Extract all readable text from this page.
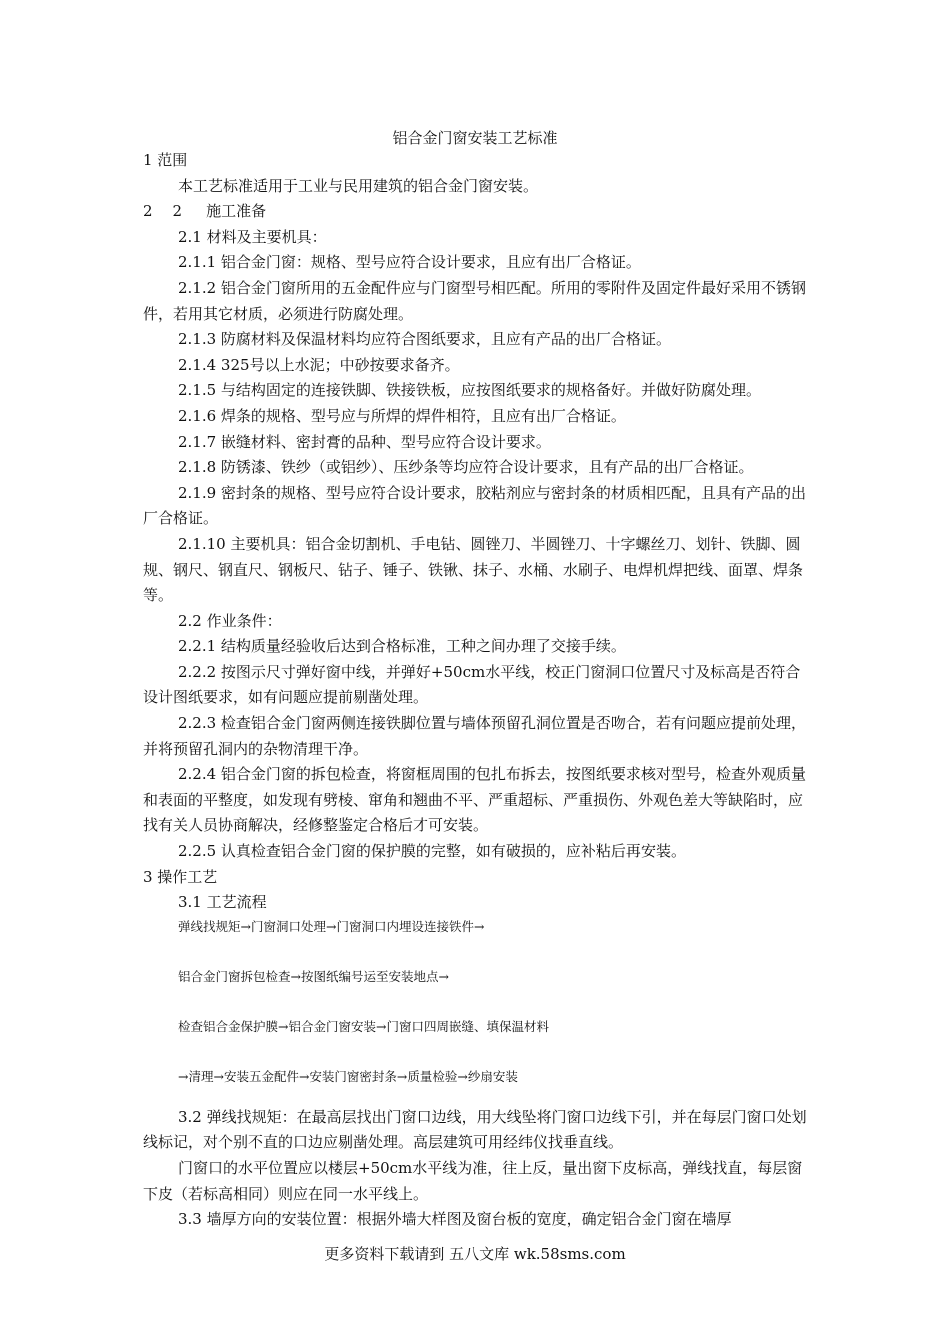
铝合金门窗安装工艺标准

1 范围

本工艺标准适用于工业与民用建筑的铝合金门窗安装。

2 2 施工准备

2.1 材料及主要机具：

2.1.1 铝合金门窗：规格、型号应符合设计要求，且应有出厂合格证。

2.1.2 铝合金门窗所用的五金配件应与门窗型号相匹配。所用的零附件及固定件最好采用不锈钢件，若用其它材质，必须进行防腐处理。

2.1.3 防腐材料及保温材料均应符合图纸要求，且应有产品的出厂合格证。

2.1.4 325号以上水泥；中砂按要求备齐。

2.1.5 与结构固定的连接铁脚、铁接铁板，应按图纸要求的规格备好。并做好防腐处理。

2.1.6 焊条的规格、型号应与所焊的焊件相符，且应有出厂合格证。

2.1.7 嵌缝材料、密封膏的品种、型号应符合设计要求。

2.1.8 防锈漆、铁纱（或铝纱）、压纱条等均应符合设计要求，且有产品的出厂合格证。

2.1.9 密封条的规格、型号应符合设计要求，胶粘剂应与密封条的材质相匹配，且具有产品的出厂合格证。

2.1.10 主要机具：铝合金切割机、手电钻、圆锉刀、半圆锉刀、十字螺丝刀、划针、铁脚、圆规、钢尺、钢直尺、钢板尺、钻子、锤子、铁锹、抹子、水桶、水刷子、电焊机焊把线、面罩、焊条等。

2.2 作业条件：

2.2.1 结构质量经验收后达到合格标准，工种之间办理了交接手续。

2.2.2 按图示尺寸弹好窗中线，并弹好+50cm水平线，校正门窗洞口位置尺寸及标高是否符合设计图纸要求，如有问题应提前剔凿处理。

2.2.3 检查铝合金门窗两侧连接铁脚位置与墙体预留孔洞位置是否吻合，若有问题应提前处理，并将预留孔洞内的杂物清理干净。

2.2.4 铝合金门窗的拆包检查，将窗框周围的包扎布拆去，按图纸要求核对型号，检查外观质量和表面的平整度，如发现有劈棱、窜角和翘曲不平、严重超标、严重损伤、外观色差大等缺陷时，应找有关人员协商解决，经修整鉴定合格后才可安装。

2.2.5 认真检查铝合金门窗的保护膜的完整，如有破损的，应补粘后再安装。

3 操作工艺

3.1 工艺流程

弹线找规矩→门窗洞口处理→门窗洞口内埋设连接铁件→

铝合金门窗拆包检查→按图纸编号运至安装地点→

检查铝合金保护膜→铝合金门窗安装→门窗口四周嵌缝、填保温材料

→清理→安装五金配件→安装门窗密封条→质量检验→纱扇安装

3.2 弹线找规矩：在最高层找出门窗口边线，用大线坠将门窗口边线下引，并在每层门窗口处划线标记，对个别不直的口边应剔凿处理。高层建筑可用经纬仪找垂直线。

门窗口的水平位置应以楼层+50cm水平线为准，往上反，量出窗下皮标高，弹线找直，每层窗下皮（若标高相同）则应在同一水平线上。

3.3 墙厚方向的安装位置：根据外墙大样图及窗台板的宽度，确定铝合金门窗在墙厚

更多资料下载请到 五八文库 wk.58sms.com
